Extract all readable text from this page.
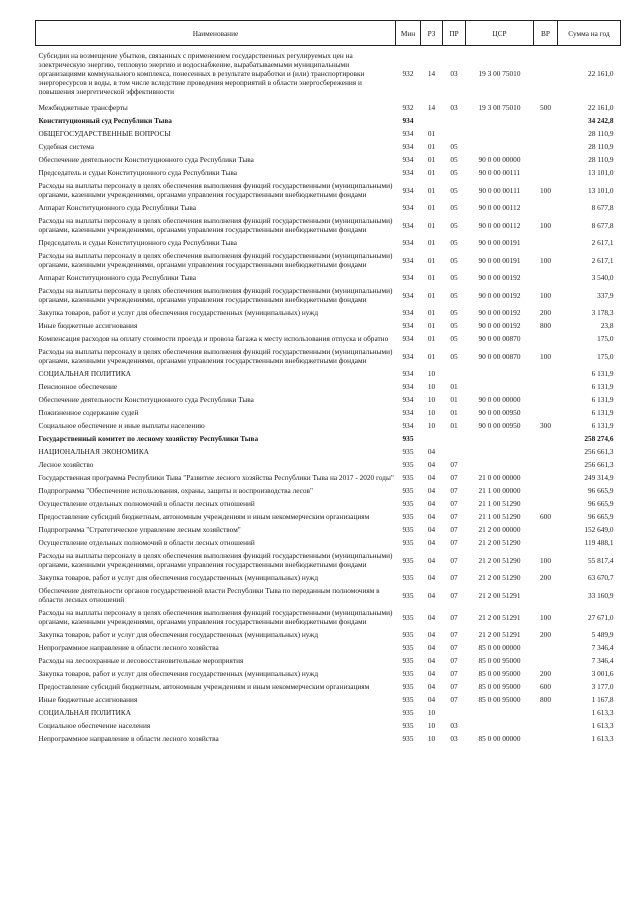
Наименование	Мин	РЗ	ПР	ЦСР	ВР	Сумма на год
Субсидии на возмещение убытков, связанных с применением государственных регулируемых цен на электрическую энергию, тепловую энергию и водоснабжение, вырабатываемыми муниципальными организациями коммунального комплекса, понесенных в результате выработки и (или) транспортировки энергоресурсов и воды, в том числе вследствие проведения мероприятий в области энергосбережения и повышения энергетической эффективности	932	14	03	19 3 00 75010		22 161,0
Межбюджетные трансферты	932	14	03	19 3 00 75010	500	22 161,0
Конституционный суд Республики Тыва	934					34 242,8
ОБЩЕГОСУДАРСТВЕННЫЕ ВОПРОСЫ	934	01				28 110,9
Судебная система	934	01	05			28 110,9
Обеспечение деятельности Конституционного суда Республики Тыва	934	01	05	90 0 00 00000		28 110,9
Председатель и судьи Конституционного суда Республики Тыва	934	01	05	90 0 00 00111		13 101,0
Расходы на выплаты персоналу в целях обеспечения выполнения функций государственными (муниципальными) органами, казенными учреждениями, органами управления государственными внебюджетными фондами	934	01	05	90 0 00 00111	100	13 101,0
Аппарат Конституционного суда Республики Тыва	934	01	05	90 0 00 00112		8 677,8
Расходы на выплаты персоналу в целях обеспечения выполнения функций государственными (муниципальными) органами, казенными учреждениями, органами управления государственными внебюджетными фондами	934	01	05	90 0 00 00112	100	8 677,8
Председатель и судьи Конституционного суда Республики Тыва	934	01	05	90 0 00 00191		2 617,1
Расходы на выплаты персоналу в целях обеспечения выполнения функций государственными (муниципальными) органами, казенными учреждениями, органами управления государственными внебюджетными фондами	934	01	05	90 0 00 00191	100	2 617,1
Аппарат Конституционного суда Республики Тыва	934	01	05	90 0 00 00192		3 540,0
Расходы на выплаты персоналу в целях обеспечения выполнения функций государственными (муниципальными) органами, казенными учреждениями, органами управления государственными внебюджетными фондами	934	01	05	90 0 00 00192	100	337,9
Закупка товаров, работ и услуг для обеспечения государственных (муниципальных) нужд	934	01	05	90 0 00 00192	200	3 178,3
Иные бюджетные ассигнования	934	01	05	90 0 00 00192	800	23,8
Компенсация расходов на оплату стоимости проезда и провоза багажа к месту использования отпуска и обратно	934	01	05	90 0 00 00870		175,0
Расходы на выплаты персоналу в целях обеспечения выполнения функций государственными (муниципальными) органами, казенными учреждениями, органами управления государственными внебюджетными фондами	934	01	05	90 0 00 00870	100	175,0
СОЦИАЛЬНАЯ ПОЛИТИКА	934	10				6 131,9
Пенсионное обеспечение	934	10	01			6 131,9
Обеспечение деятельности Конституционного суда Республики Тыва	934	10	01	90 0 00 00000		6 131,9
Пожизненное содержание судей	934	10	01	90 0 00 00950		6 131,9
Социальное обеспечение и иные выплаты населению	934	10	01	90 0 00 00950	300	6 131,9
Государственный комитет по лесному хозяйству Республики Тыва	935					258 274,6
НАЦИОНАЛЬНАЯ ЭКОНОМИКА	935	04				256 661,3
Лесное хозяйство	935	04	07			256 661,3
Государственная программа Республики Тыва "Развитие лесного хозяйства Республики Тыва на 2017 - 2020 годы"	935	04	07	21 0 00 00000		249 314,9
Подпрограмма "Обеспечение использования, охраны, защиты и воспроизводства лесов"	935	04	07	21 1 00 00000		96 665,9
Осуществление отдельных полномочий в области лесных отношений	935	04	07	21 1 00 51290		96 665,9
Предоставление субсидий бюджетным, автономным учреждениям и иным некоммерческим организациям	935	04	07	21 1 00 51290	600	96 665,9
Подпрограмма "Стратегическое управление лесным хозяйством"	935	04	07	21 2 00 00000		152 649,0
Осуществление отдельных полномочий в области лесных отношений	935	04	07	21 2 00 51290		119 488,1
Расходы на выплаты персоналу в целях обеспечения выполнения функций государственными (муниципальными) органами, казенными учреждениями, органами управления государственными внебюджетными фондами	935	04	07	21 2 00 51290	100	55 817,4
Закупка товаров, работ и услуг для обеспечения государственных (муниципальных) нужд	935	04	07	21 2 00 51290	200	63 670,7
Обеспечение деятельности органов государственной власти Республики Тыва по переданным полномочиям в области лесных отношений	935	04	07	21 2 00 51291		33 160,9
Расходы на выплаты персоналу в целях обеспечения выполнения функций государственными (муниципальными) органами, казенными учреждениями, органами управления государственными внебюджетными фондами	935	04	07	21 2 00 51291	100	27 671,0
Закупка товаров, работ и услуг для обеспечения государственных (муниципальных) нужд	935	04	07	21 2 00 51291	200	5 489,9
Непрограммное направление в области лесного хозяйства	935	04	07	85 0 00 00000		7 346,4
Расходы на лесоохранные и лесовосстановительные мероприятия	935	04	07	85 0 00 95000		7 346,4
Закупка товаров, работ и услуг для обеспечения государственных (муниципальных) нужд	935	04	07	85 0 00 95000	200	3 001,6
Предоставление субсидий бюджетным, автономным учреждениям и иным некоммерческим организациям	935	04	07	85 0 00 95000	600	3 177,0
Иные бюджетные ассигнования	935	04	07	85 0 00 95000	800	1 167,8
СОЦИАЛЬНАЯ ПОЛИТИКА	935	10				1 613,3
Социальное обеспечение населения	935	10	03			1 613,3
Непрограммное направление в области лесного хозяйства	935	10	03	85 0 00 00000		1 613,3
